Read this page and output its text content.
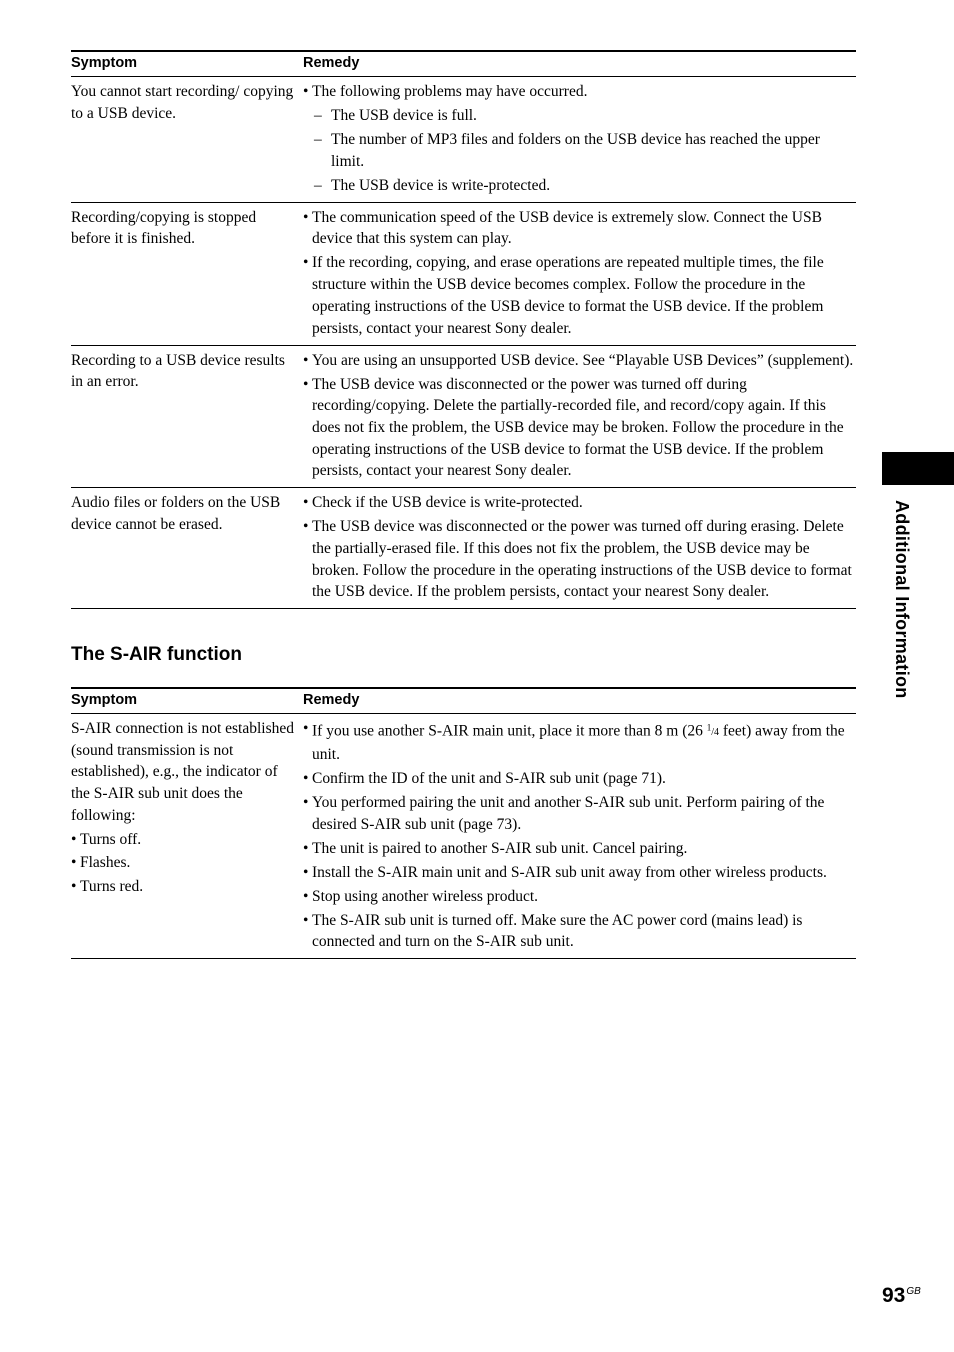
Symptom	Remedy
You cannot start recording/ copying to a USB device.
• The following problems may have occurred.
– The USB device is full.
– The number of MP3 files and folders on the USB device has reached the upper limit.
– The USB device is write-protected.
Recording/copying is stopped before it is finished.
• The communication speed of the USB device is extremely slow. Connect the USB device that this system can play.
• If the recording, copying, and erase operations are repeated multiple times, the file structure within the USB device becomes complex. Follow the procedure in the operating instructions of the USB device to format the USB device. If the problem persists, contact your nearest Sony dealer.
Recording to a USB device results in an error.
• You are using an unsupported USB device. See “Playable USB Devices” (supplement).
• The USB device was disconnected or the power was turned off during recording/copying. Delete the partially-recorded file, and record/copy again. If this does not fix the problem, the USB device may be broken. Follow the procedure in the operating instructions of the USB device to format the USB device. If the problem persists, contact your nearest Sony dealer.
Audio files or folders on the USB device cannot be erased.
• Check if the USB device is write-protected.
• The USB device was disconnected or the power was turned off during erasing. Delete the partially-erased file. If this does not fix the problem, the USB device may be broken. Follow the procedure in the operating instructions of the USB device to format the USB device. If the problem persists, contact your nearest Sony dealer.
The S-AIR function
Symptom	Remedy
S-AIR connection is not established (sound transmission is not established), e.g., the indicator of the S-AIR sub unit does the following:
• Turns off.
• Flashes.
• Turns red.
• If you use another S-AIR main unit, place it more than 8 m (26 $^1$/4 feet) away from the unit.
• Confirm the ID of the unit and S-AIR sub unit (page 71).
• You performed pairing the unit and another S-AIR sub unit. Perform pairing of the desired S-AIR sub unit (page 73).
• The unit is paired to another S-AIR sub unit. Cancel pairing.
• Install the S-AIR main unit and S-AIR sub unit away from other wireless products.
• Stop using another wireless product.
• The S-AIR sub unit is turned off. Make sure the AC power cord (mains lead) is connected and turn on the S-AIR sub unit.
Additional Information
$93^{GB}$
